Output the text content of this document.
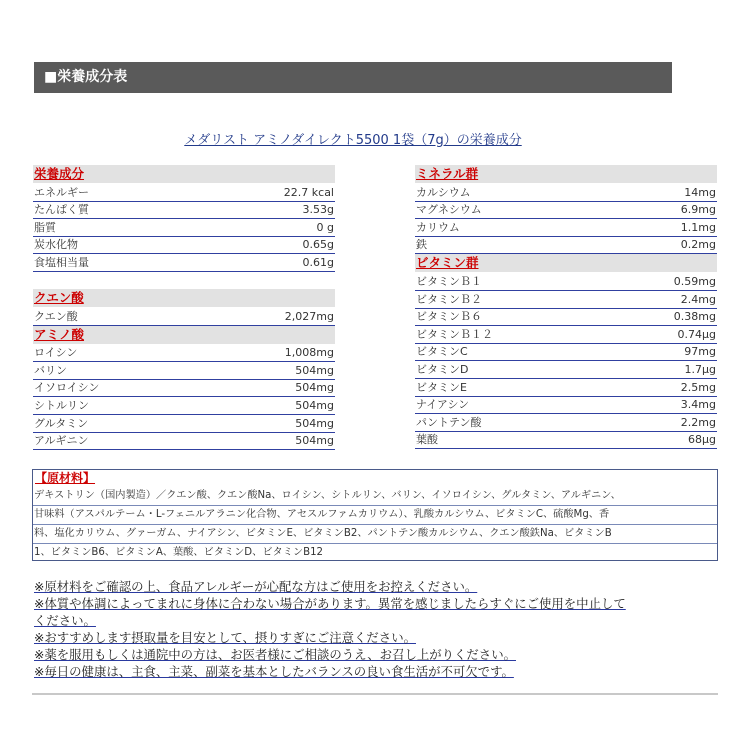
■栄養成分表
メダリスト アミノダイレクト5500 1袋（7g）の栄養成分
栄養成分
エネルギー	22.7 kcal
たんぱく質	3.53g
脂質	0 g
炭水化物	0.65g
食塩相当量	0.61g
クエン酸
クエン酸	2,027mg
アミノ酸
ロイシン	1,008mg
バリン	504mg
イソロイシン	504mg
シトルリン	504mg
グルタミン	504mg
アルギニン	504mg
ミネラル群
カルシウム	14mg
マグネシウム	6.9mg
カリウム	1.1mg
鉄	0.2mg
ビタミン群
ビタミンＢ１	0.59mg
ビタミンＢ２	2.4mg
ビタミンＢ６	0.38mg
ビタミンＢ１２	0.74μg
ビタミンC	97mg
ビタミンD	1.7μg
ビタミンE	2.5mg
ナイアシン	3.4mg
パントテン酸	2.2mg
葉酸	68μg
【原材料】
デキストリン（国内製造）／クエン酸、クエン酸Na、ロイシン、シトルリン、バリン、イソロイシン、グルタミン、アルギニン、
甘味料（アスパルテーム・L-フェニルアラニン化合物、アセスルファムカリウム）、乳酸カルシウム、ビタミンC、硫酸Mg、香
料、塩化カリウム、グァーガム、ナイアシン、ビタミンE、ビタミンB2、パントテン酸カルシウム、クエン酸鉄Na、ビタミンB
1、ビタミンB6、ビタミンA、葉酸、ビタミンD、ビタミンB12
※原材料をご確認の上、食品アレルギーが心配な方はご使用をお控えください。
※体質や体調によってまれに身体に合わない場合があります。異常を感じましたらすぐにご使用を中止して
ください。
※おすすめします摂取量を目安として、摂りすぎにご注意ください。
※薬を服用もしくは通院中の方は、お医者様にご相談のうえ、お召し上がりください。
※毎日の健康は、主食、主菜、副菜を基本としたバランスの良い食生活が不可欠です。
